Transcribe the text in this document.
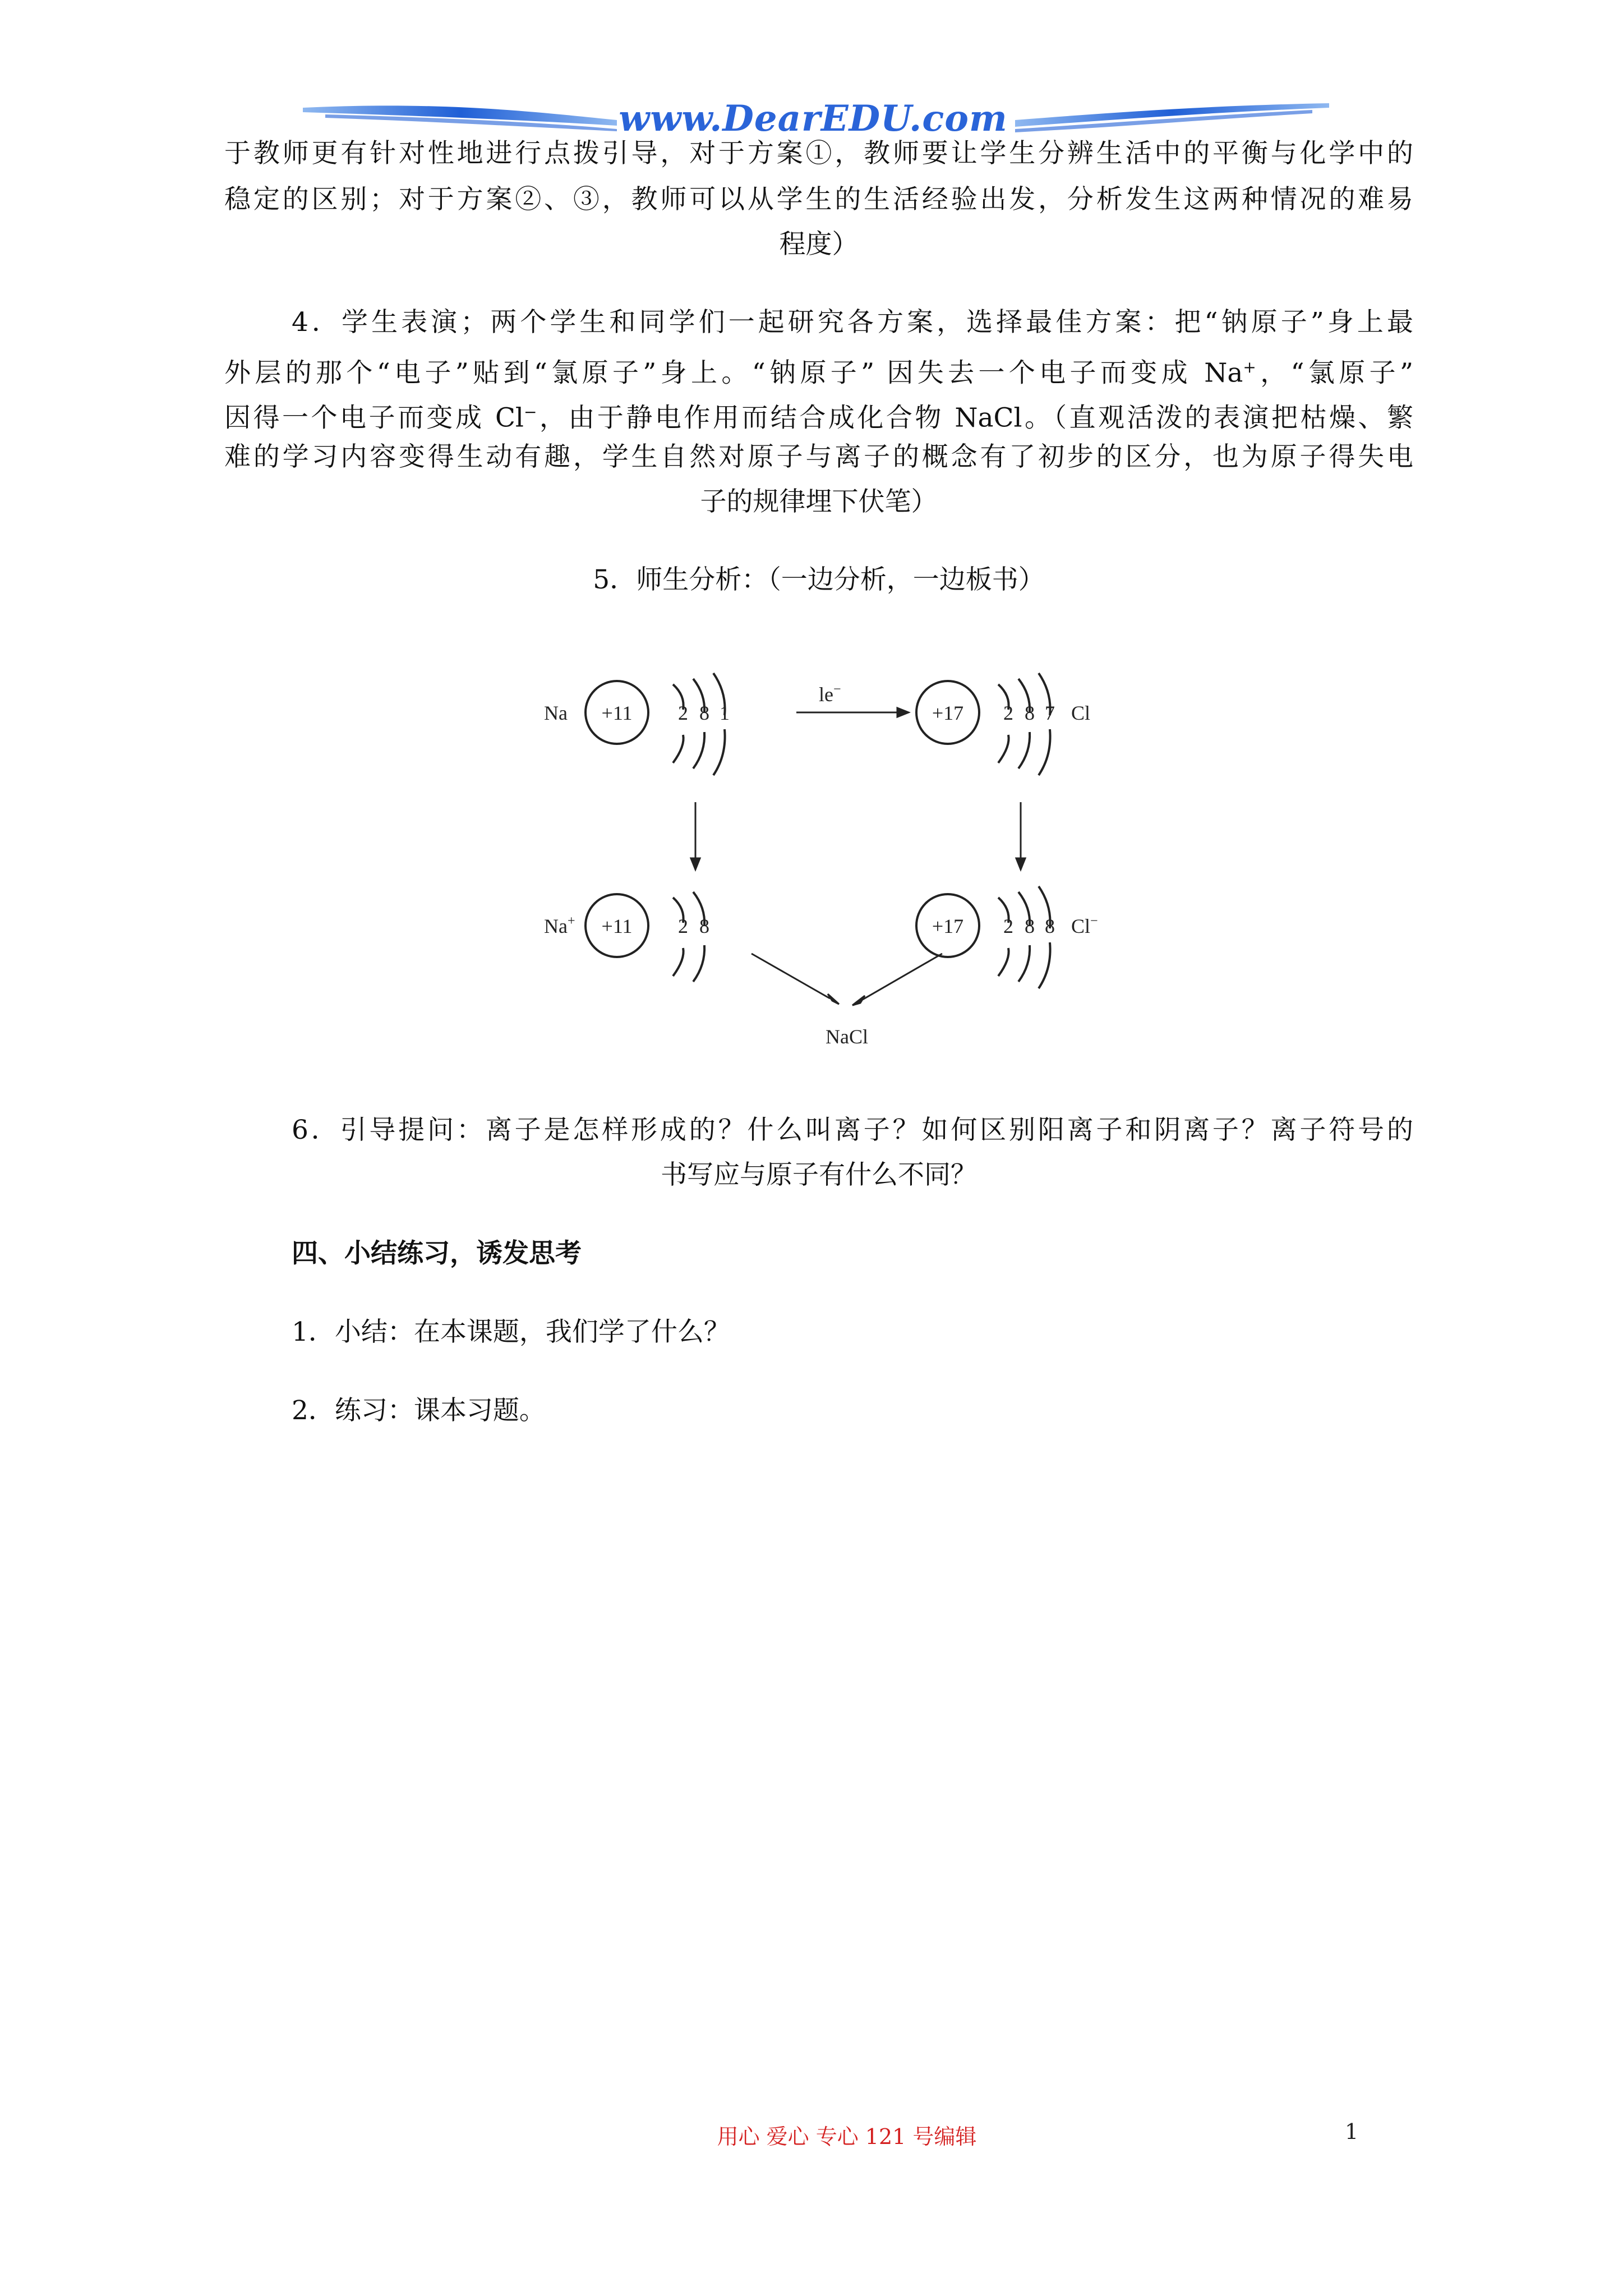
www.DearEDU.com
于教师更有针对性地进行点拨引导，对于方案①，教师要让学生分辨生活中的平衡与化学中的
稳定的区别；对于方案②、③，教师可以从学生的生活经验出发，分析发生这两种情况的难易
程度）
4．学生表演；两个学生和同学们一起研究各方案，选择最佳方案：把“钠原子”身上最
外层的那个“电子”贴到“氯原子”身上。“钠原子” 因失去一个电子而变成 Na+，“氯原子”
因得一个电子而变成 Cl−，由于静电作用而结合成化合物 NaCl。（直观活泼的表演把枯燥、繁
难的学习内容变得生动有趣，学生自然对原子与离子的概念有了初步的区分，也为原子得失电
子的规律埋下伏笔）
5．师生分析：（一边分析，一边板书）
Na +11 2 8 1
le−
+17 2 8 7 Cl
Na+ +11 2 8	+17 2 8 8 Cl−
NaCl
6．引导提问：离子是怎样形成的？什么叫离子？如何区别阳离子和阴离子？离子符号的
书写应与原子有什么不同？
四、小结练习，诱发思考
1．小结：在本课题，我们学了什么？
2．练习：课本习题。
用心 爱心 专心 121 号编辑	1
